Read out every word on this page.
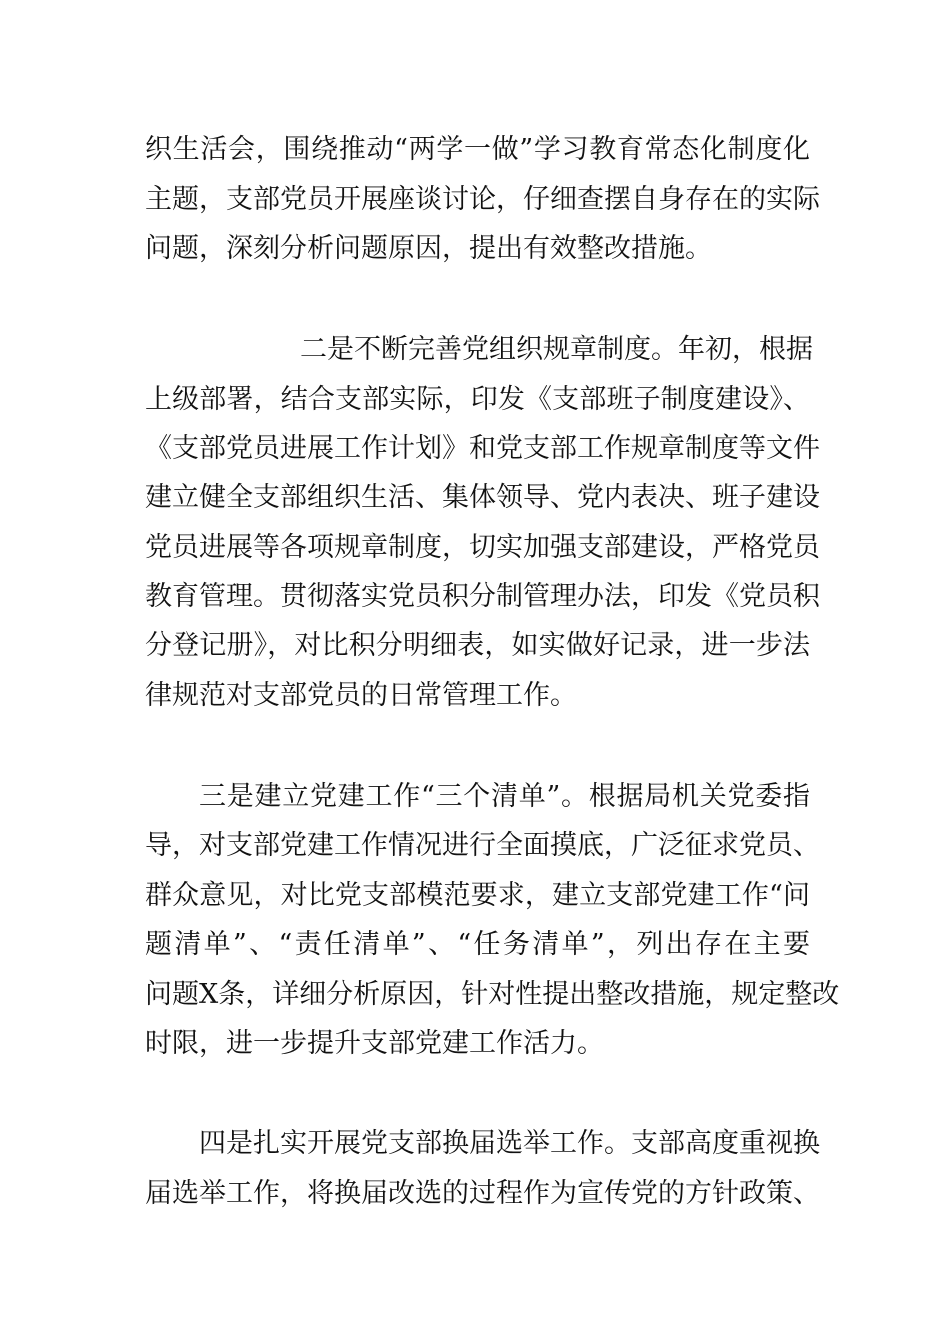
织生活会，围绕推动“两学一做”学习教育常态化制度化
主题，支部党员开展座谈讨论，仔细查摆自身存在的实际
问题，深刻分析问题原因，提出有效整改措施。
二是不断完善党组织规章制度。年初，根据
上级部署，结合支部实际，印发《支部班子制度建设》、
《支部党员进展工作计划》和党支部工作规章制度等文件
建立健全支部组织生活、集体领导、党内表决、班子建设
党员进展等各项规章制度，切实加强支部建设，严格党员
教育管理。贯彻落实党员积分制管理办法，印发《党员积
分登记册》，对比积分明细表，如实做好记录，进一步法
律规范对支部党员的日常管理工作。
三是建立党建工作“三个清单”。根据局机关党委指
导，对支部党建工作情况进行全面摸底，广泛征求党员、
群众意见，对比党支部模范要求，建立支部党建工作“问
题清单”、“责任清单”、“任务清单”，列出存在主要
问题X条，详细分析原因，针对性提出整改措施，规定整改
时限，进一步提升支部党建工作活力。
四是扎实开展党支部换届选举工作。支部高度重视换
届选举工作，将换届改选的过程作为宣传党的方针政策、
